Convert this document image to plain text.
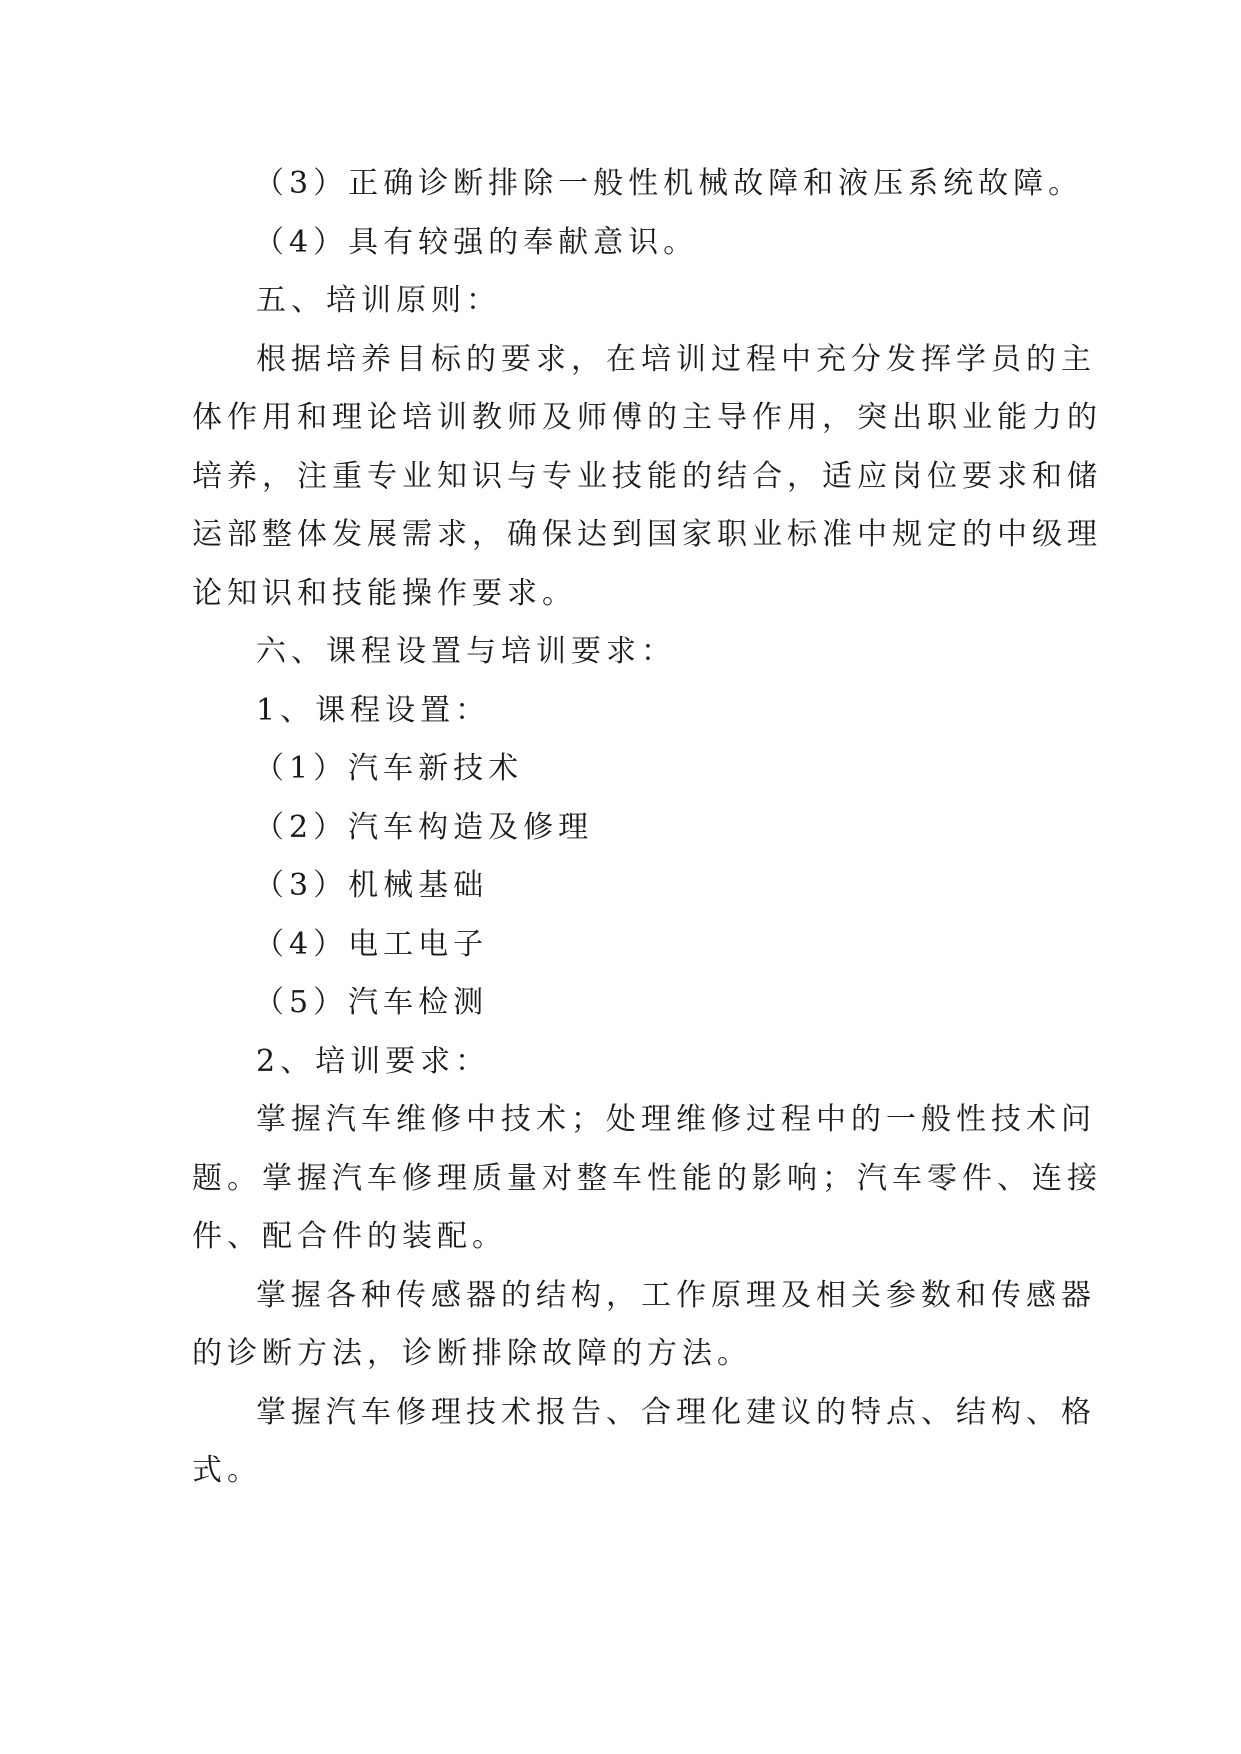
（3）正确诊断排除一般性机械故障和液压系统故障。
（4）具有较强的奉献意识。
五、培训原则：
根据培养目标的要求，在培训过程中充分发挥学员的主
体作用和理论培训教师及师傅的主导作用，突出职业能力的
培养，注重专业知识与专业技能的结合，适应岗位要求和储
运部整体发展需求，确保达到国家职业标准中规定的中级理
论知识和技能操作要求。
六、课程设置与培训要求：
1、课程设置：
（1）汽车新技术
（2）汽车构造及修理
（3）机械基础
（4）电工电子
（5）汽车检测
2、培训要求：
掌握汽车维修中技术；处理维修过程中的一般性技术问
题。掌握汽车修理质量对整车性能的影响；汽车零件、连接
件、配合件的装配。
掌握各种传感器的结构，工作原理及相关参数和传感器
的诊断方法，诊断排除故障的方法。
掌握汽车修理技术报告、合理化建议的特点、结构、格
式。
